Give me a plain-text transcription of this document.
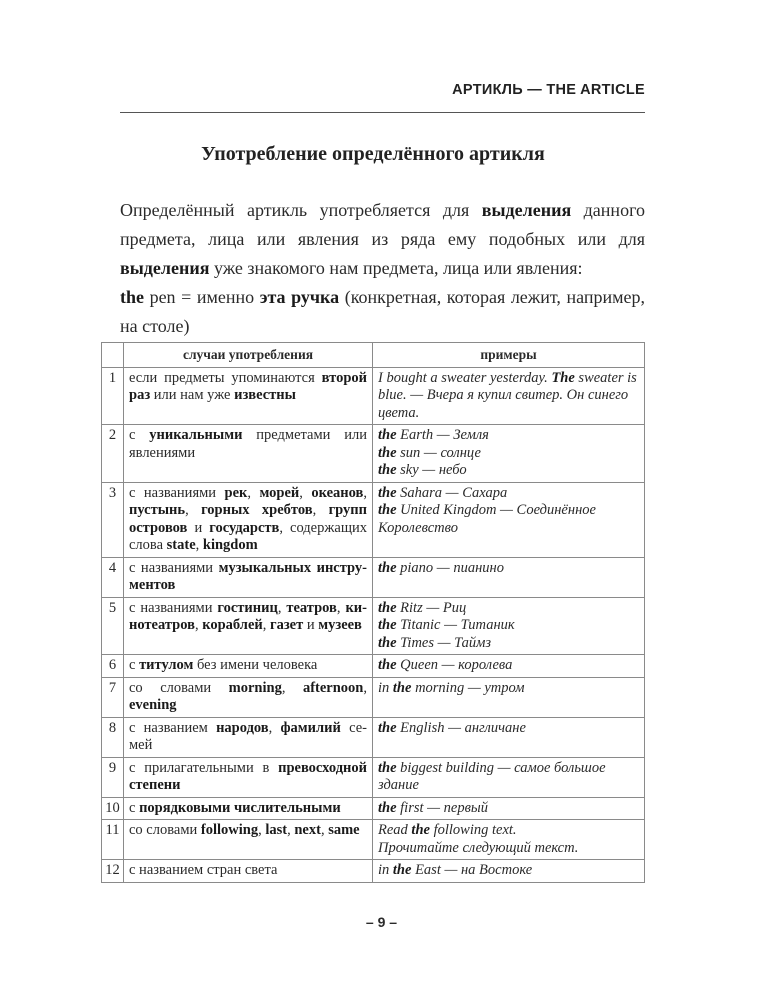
АРТИКЛЬ — THE ARTICLE
Употребление определённого артикля
Определённый артикль употребляется для выделения данного предмета, лица или явления из ряда ему подобных или для выделения уже знакомого нам предмета, лица или явления:
the pen = именно эта ручка (конкретная, которая лежит, например, на столе)
	случаи употребления	примеры
1	если предметы упоминаются второй раз или нам уже известны	I bought a sweater yesterday. The sweater is blue. — Вчера я купил свитер. Он синего цвета.

2	с уникальными предметами или явлениями	the Earth — Земля
the sun — солнце
the sky — небо

3	с названиями рек, морей, океанов, пустынь, горных хребтов, групп островов и государств, содержащих слова state, kingdom	the Sahara — Сахара
the United Kingdom — Соединённое Королевство

4	с названиями музыкальных инструментов	the piano — пианино

5	с названиями гостиниц, театров, кинотеатров, кораблей, газет и музеев	the Ritz — Риц
the Titanic — Титаник
the Times — Таймз

6	с титулом без имени человека	the Queen — королева

7	со словами morning, afternoon, evening	in the morning — утром

8	с названием народов, фамилий семей	the English — англичане

9	с прилагательными в превосходной степени	the biggest building — самое большое здание

10	с порядковыми числительными	the first — первый

11	со словами following, last, next, same	Read the following text.
Прочитайте следующий текст.

12	с названием стран света	in the East — на Востоке
– 9 –
